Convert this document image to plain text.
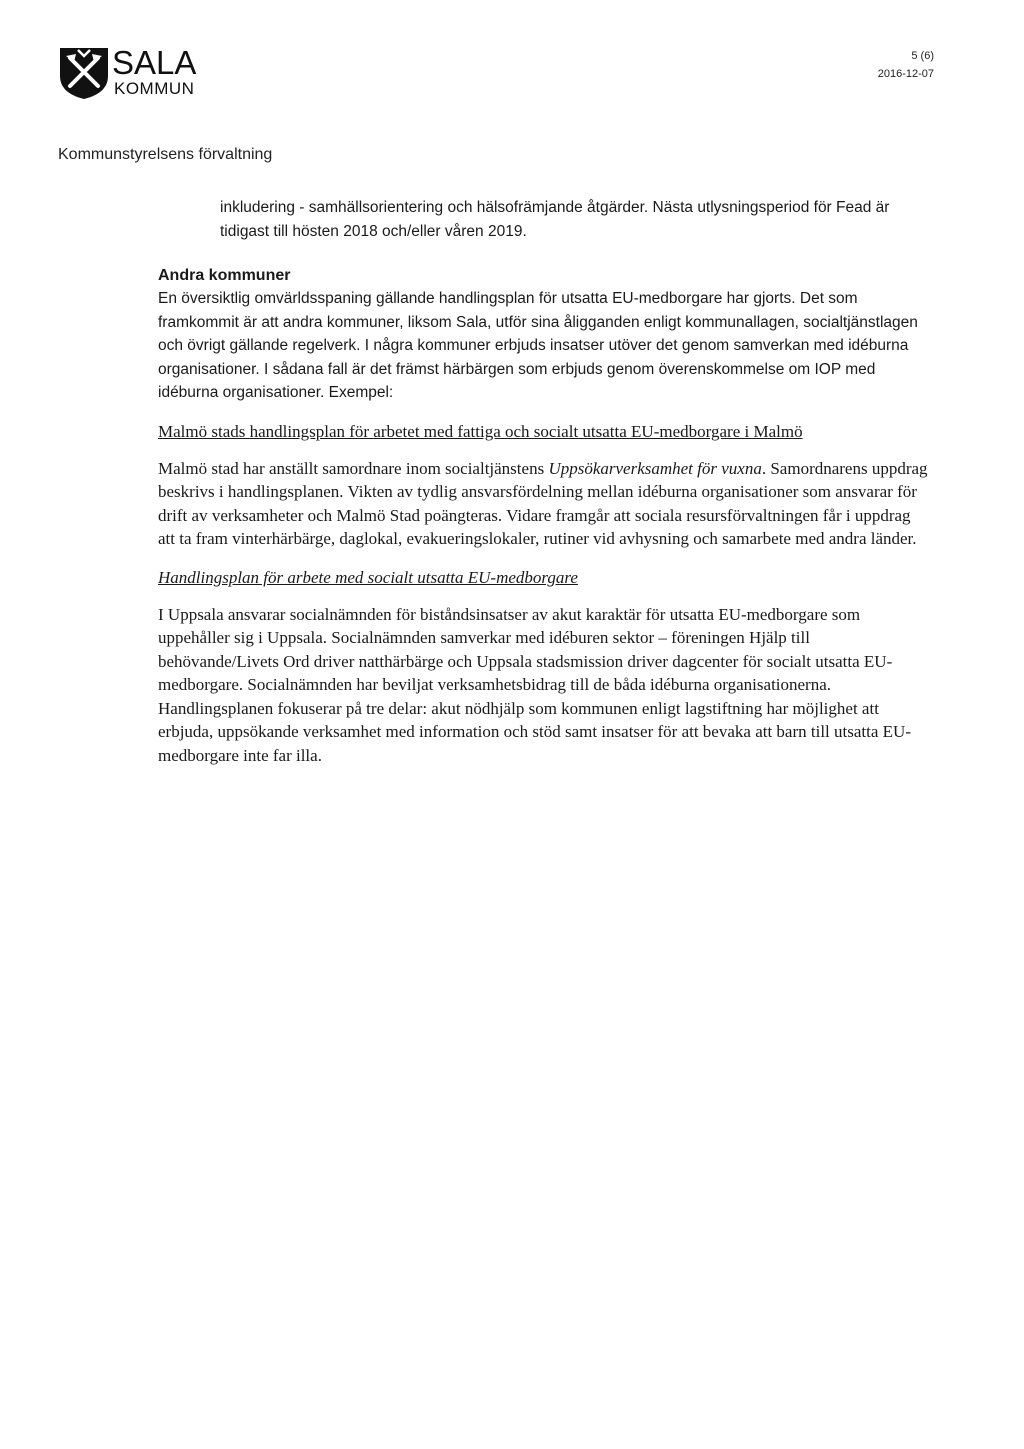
SALA
KOMMUN
5 (6)
2016-12-07
Kommunstyrelsens förvaltning

inkludering - samhällsorientering och hälsofrämjande åtgärder. Nästa utlysningsperiod för Fead är tidigast till hösten 2018 och/eller våren 2019.

Andra kommuner

En översiktlig omvärldsspaning gällande handlingsplan för utsatta EU-medborgare har gjorts. Det som framkommit är att andra kommuner, liksom Sala, utför sina åligganden enligt kommunallagen, socialtjänstlagen och övrigt gällande regelverk. I några kommuner erbjuds insatser utöver det genom samverkan med idéburna organisationer. I sådana fall är det främst härbärgen som erbjuds genom överenskommelse om IOP med idéburna organisationer. Exempel:

Malmö stads handlingsplan för arbetet med fattiga och socialt utsatta EU-medborgare i Malmö

Malmö stad har anställt samordnare inom socialtjänstens Uppsökarverksamhet för vuxna. Samordnarens uppdrag beskrivs i handlingsplanen. Vikten av tydlig ansvarsfördelning mellan idéburna organisationer som ansvarar för drift av verksamheter och Malmö Stad poängteras. Vidare framgår att sociala resursförvaltningen får i uppdrag att ta fram vinterhärbärge, daglokal, evakueringslokaler, rutiner vid avhysning och samarbete med andra länder.

Handlingsplan för arbete med socialt utsatta EU-medborgare

I Uppsala ansvarar socialnämnden för biståndsinsatser av akut karaktär för utsatta EU-medborgare som uppehåller sig i Uppsala. Socialnämnden samverkar med idéburen sektor – föreningen Hjälp till behövande/Livets Ord driver natthärbärge och Uppsala stadsmission driver dagcenter för socialt utsatta EU-medborgare. Socialnämnden har beviljat verksamhetsbidrag till de båda idéburna organisationerna. Handlingsplanen fokuserar på tre delar: akut nödhjälp som kommunen enligt lagstiftning har möjlighet att erbjuda, uppsökande verksamhet med information och stöd samt insatser för att bevaka att barn till utsatta EU-medborgare inte far illa.
